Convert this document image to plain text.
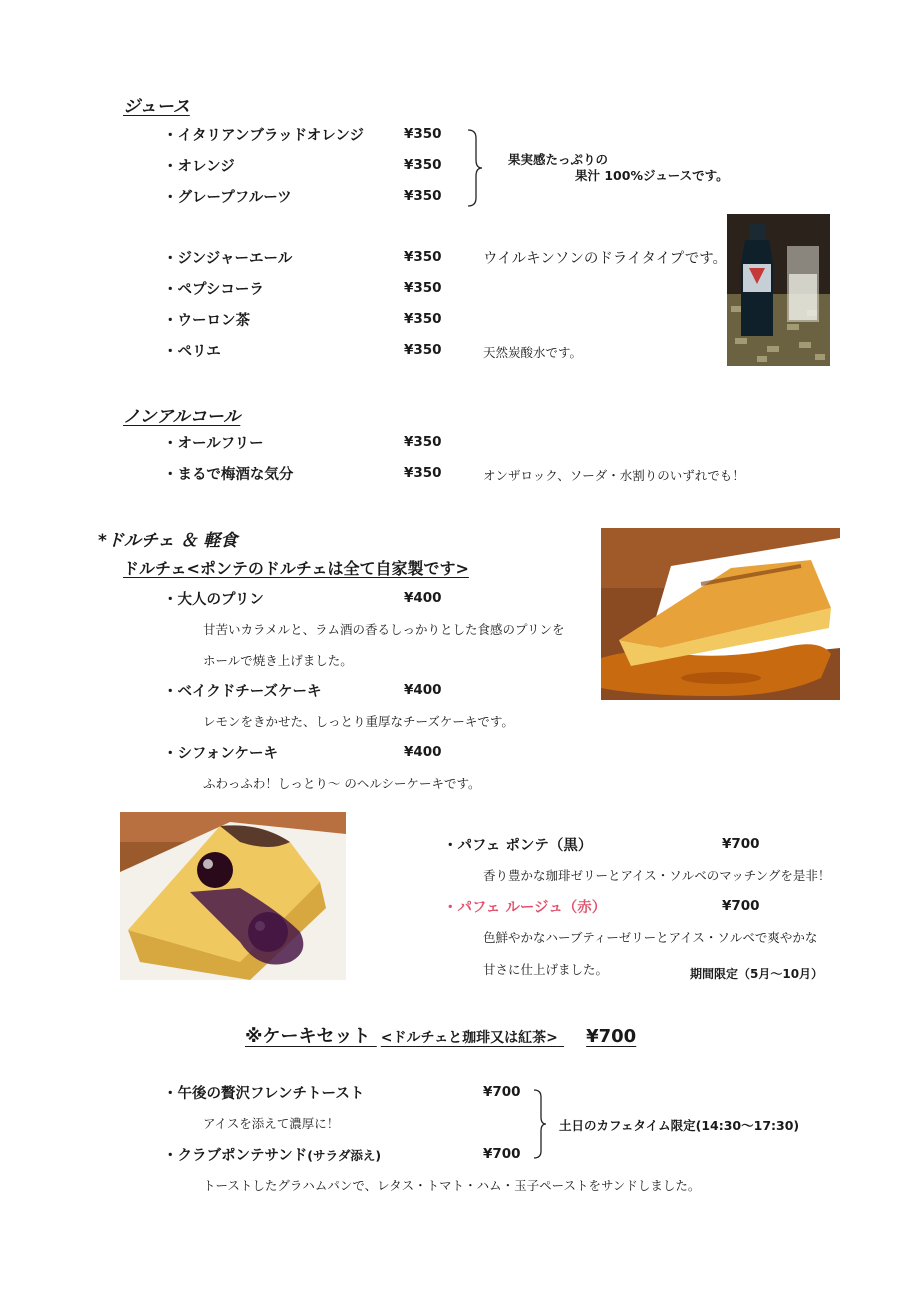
ジュース
・イタリアンブラッドオレンジ	¥350
・オレンジ	¥350
・グレープフルーツ	¥350
果実感たっぷりの
果汁 100%ジュースです。
・ジンジャーエール	¥350	ウイルキンソンのドライタイプです。
・ペプシコーラ	¥350
・ウーロン茶	¥350
・ペリエ	¥350	天然炭酸水です。
ノンアルコール
・オールフリー	¥350
・まるで梅酒な気分	¥350	オンザロック、ソーダ・水割りのいずれでも！
*ドルチェ ＆ 軽食
ドルチェ<ポンテのドルチェは全て自家製です>
・大人のプリン	¥400
甘苦いカラメルと、ラム酒の香るしっかりとした食感のプリンを
ホールで焼き上げました。
・ベイクドチーズケーキ	¥400
レモンをきかせた、しっとり重厚なチーズケーキです。
・シフォンケーキ	¥400
ふわっふわ！しっとり～ のヘルシーケーキです。
・パフェ ポンテ（黒）	¥700
香り豊かな珈琲ゼリーとアイス・ソルベのマッチングを是非！
・パフェ ルージュ（赤）	¥700
色鮮やかなハーブティーゼリーとアイス・ソルベで爽やかな
甘さに仕上げました。	期間限定（5月～10月）
※ケーキセット <ドルチェと珈琲又は紅茶> ¥700
・午後の贅沢フレンチトースト	¥700
アイスを添えて濃厚に！
・クラブポンテサンド(サラダ添え)	¥700
トーストしたグラハムパンで、レタス・トマト・ハム・玉子ペーストをサンドしました。
土日のカフェタイム限定(14:30～17:30)
